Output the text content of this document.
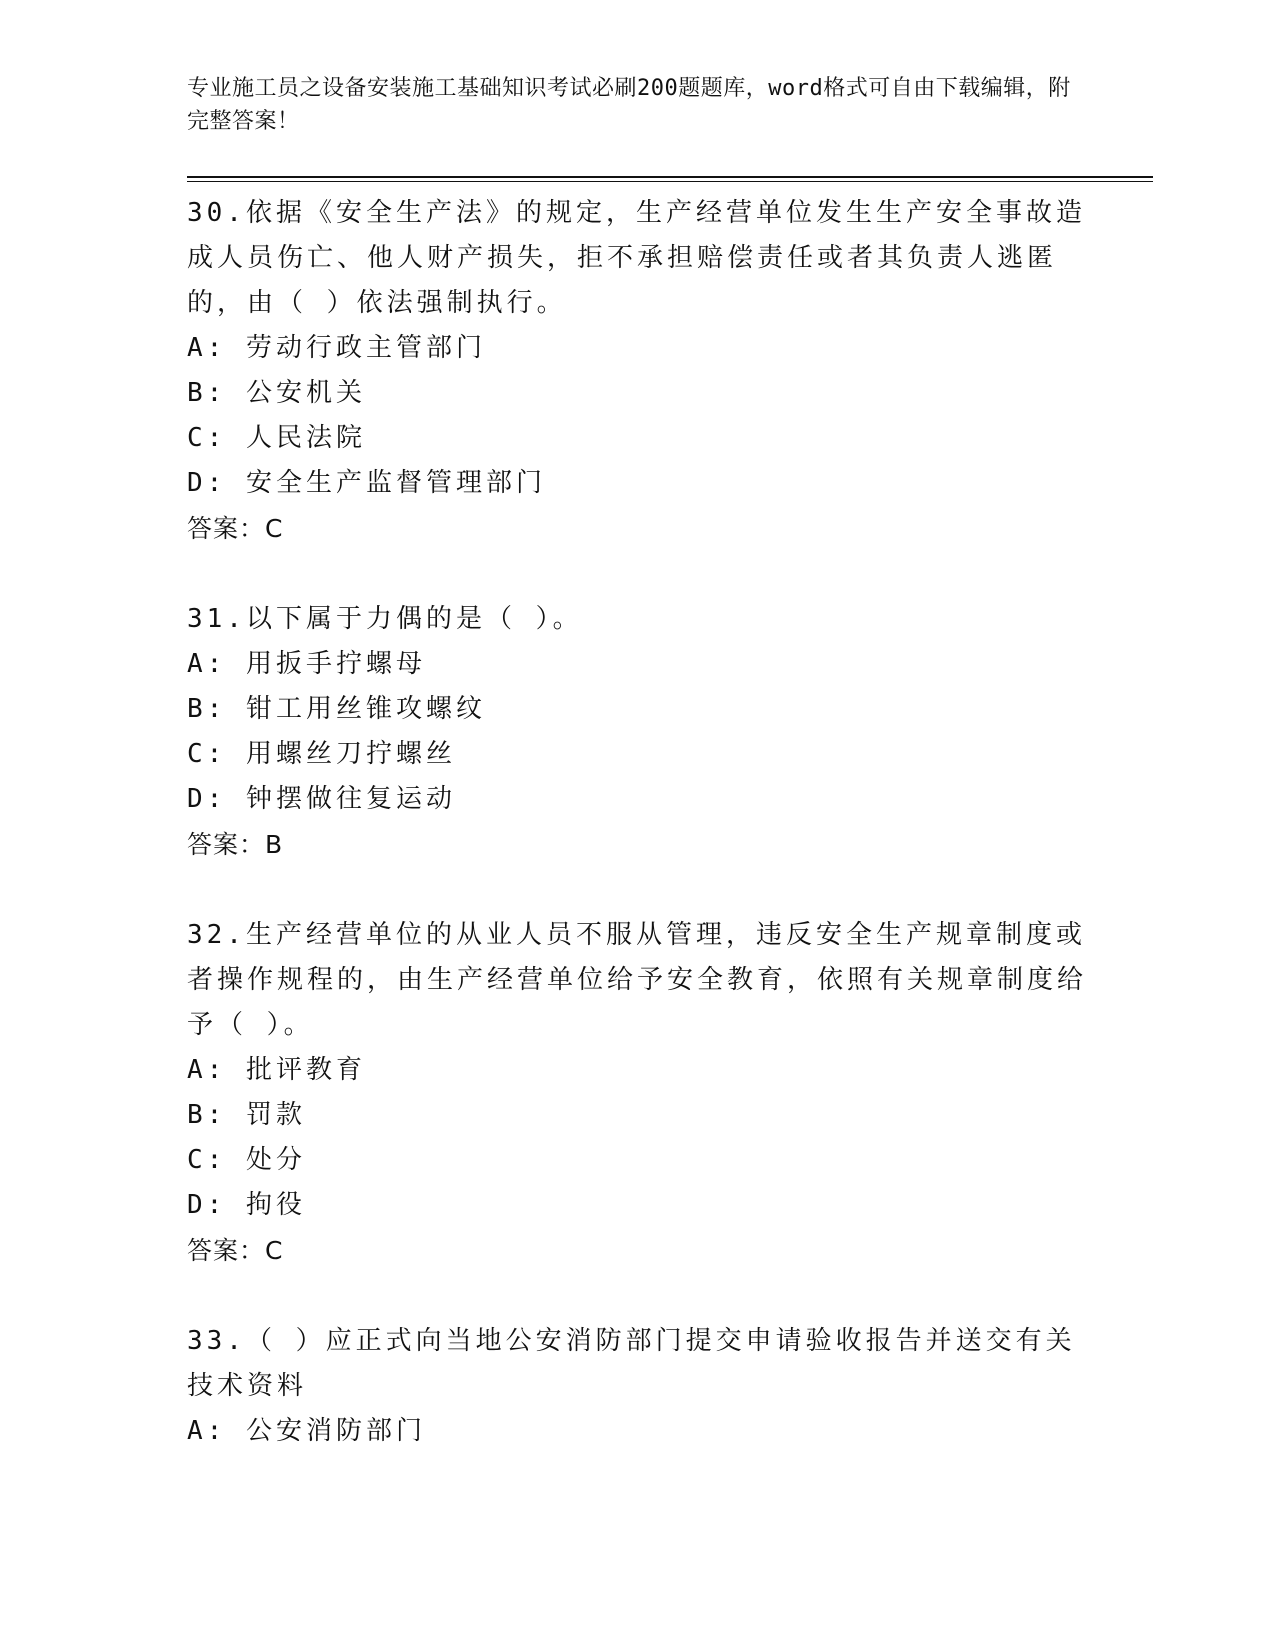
专业施工员之设备安装施工基础知识考试必刷200题题库，word格式可自由下载编辑，附完整答案！

30.依据《安全生产法》的规定，生产经营单位发生生产安全事故造成人员伤亡、他人财产损失，拒不承担赔偿责任或者其负责人逃匿的，由（ ）依法强制执行。

A: 劳动行政主管部门

B: 公安机关

C: 人民法院

D: 安全生产监督管理部门

答案：C

31.以下属于力偶的是（ ）。

A: 用扳手拧螺母

B: 钳工用丝锥攻螺纹

C: 用螺丝刀拧螺丝

D: 钟摆做往复运动

答案：B

32.生产经营单位的从业人员不服从管理，违反安全生产规章制度或者操作规程的，由生产经营单位给予安全教育，依照有关规章制度给予（ ）。

A: 批评教育

B: 罚款

C: 处分

D: 拘役

答案：C

33.（ ）应正式向当地公安消防部门提交申请验收报告并送交有关技术资料

A: 公安消防部门
